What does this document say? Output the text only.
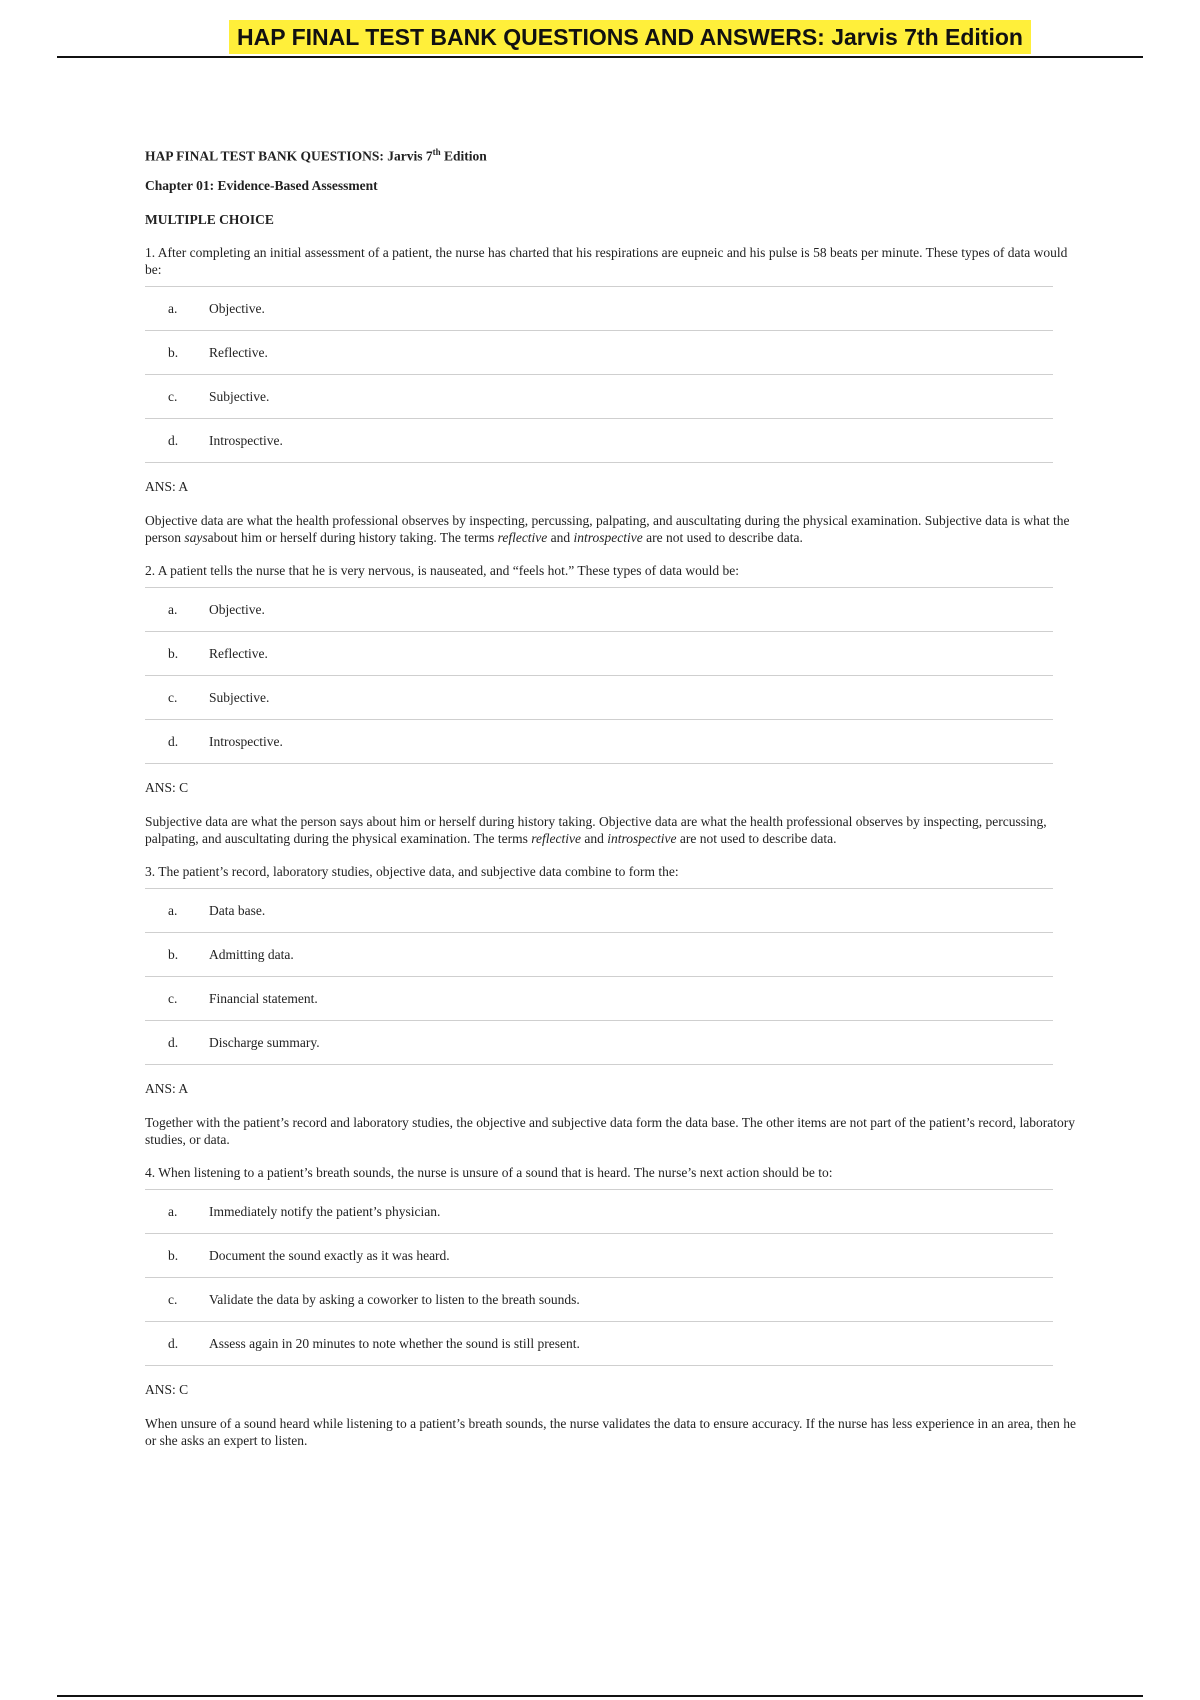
HAP FINAL TEST BANK QUESTIONS AND ANSWERS: Jarvis 7th Edition

HAP FINAL TEST BANK QUESTIONS: Jarvis 7th Edition

Chapter 01: Evidence-Based Assessment

MULTIPLE CHOICE

1. After completing an initial assessment of a patient, the nurse has charted that his respirations are eupneic and his pulse is 58 beats per minute. These types of data would be:

a.	Objective.
b.	Reflective.
c.	Subjective.
d.	Introspective.

ANS: A

Objective data are what the health professional observes by inspecting, percussing, palpating, and auscultating during the physical examination. Subjective data is what the person saysabout him or herself during history taking. The terms reflective and introspective are not used to describe data.

2. A patient tells the nurse that he is very nervous, is nauseated, and “feels hot.” These types of data would be:

a.	Objective.
b.	Reflective.
c.	Subjective.
d.	Introspective.

ANS: C

Subjective data are what the person says about him or herself during history taking. Objective data are what the health professional observes by inspecting, percussing, palpating, and auscultating during the physical examination. The terms reflective and introspective are not used to describe data.

3. The patient’s record, laboratory studies, objective data, and subjective data combine to form the:

a.	Data base.
b.	Admitting data.
c.	Financial statement.
d.	Discharge summary.

ANS: A

Together with the patient’s record and laboratory studies, the objective and subjective data form the data base. The other items are not part of the patient’s record, laboratory studies, or data.

4. When listening to a patient’s breath sounds, the nurse is unsure of a sound that is heard. The nurse’s next action should be to:

a.	Immediately notify the patient’s physician.
b.	Document the sound exactly as it was heard.
c.	Validate the data by asking a coworker to listen to the breath sounds.
d.	Assess again in 20 minutes to note whether the sound is still present.

ANS: C

When unsure of a sound heard while listening to a patient’s breath sounds, the nurse validates the data to ensure accuracy. If the nurse has less experience in an area, then he or she asks an expert to listen.
